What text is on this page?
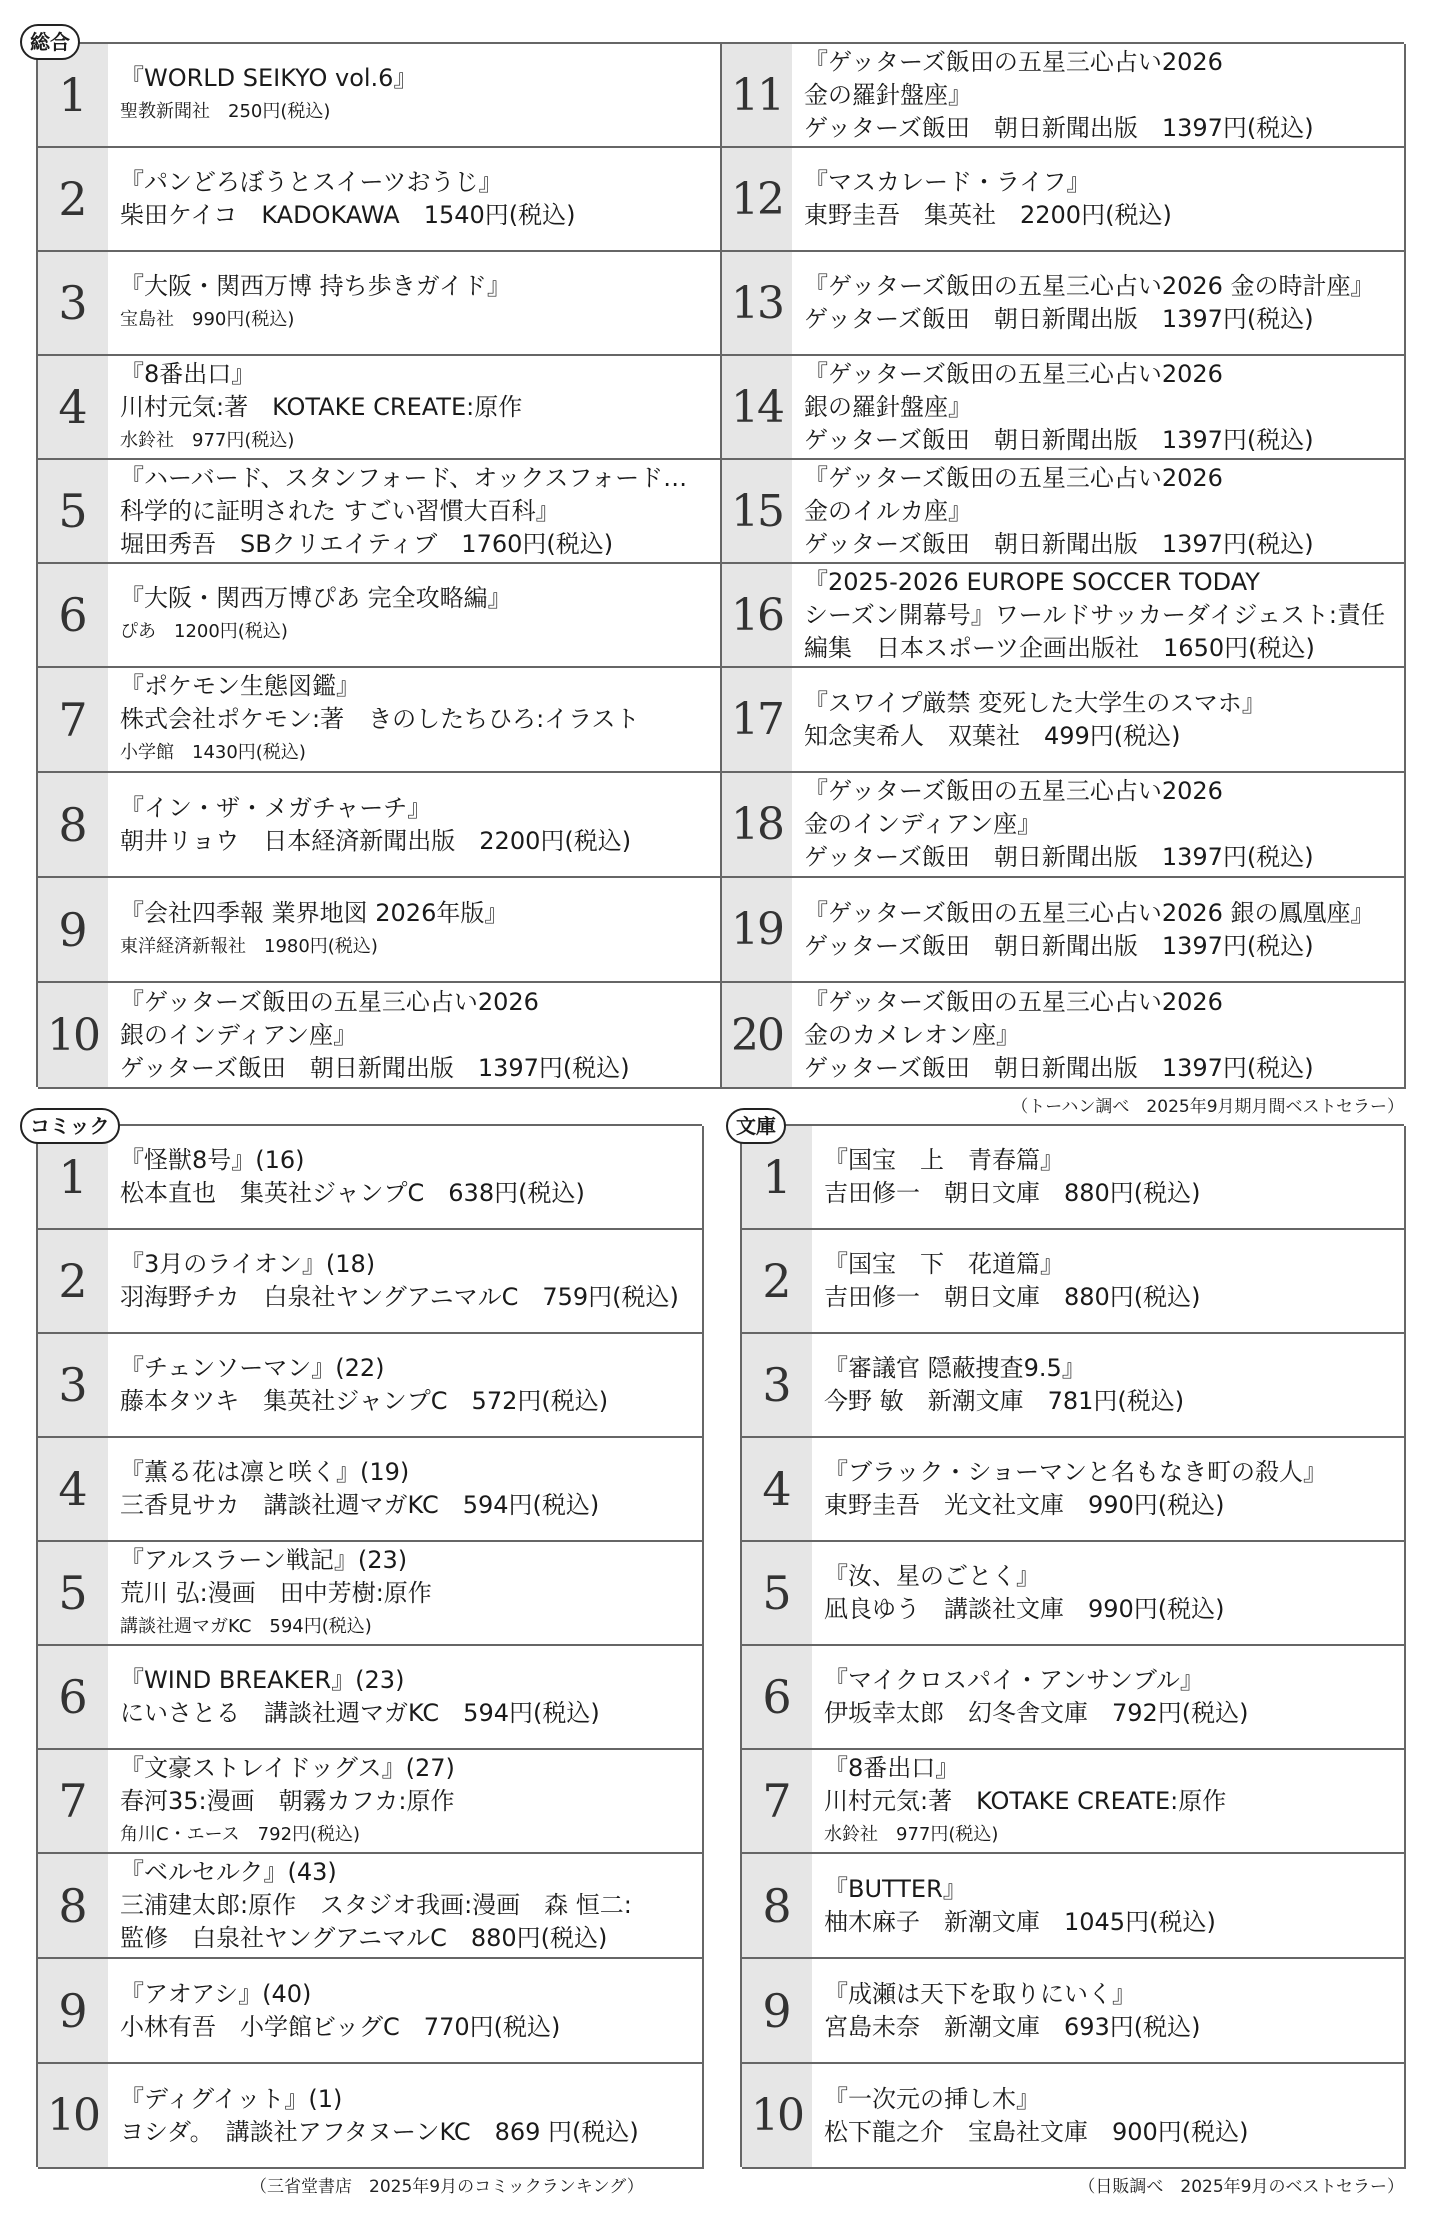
総合
1	『WORLD SEIKYO vol.6』
聖教新聞社　250円(税込)
2	『パンどろぼうとスイーツおうじ』
柴田ケイコ　KADOKAWA　1540円(税込)
3	『大阪・関西万博 持ち歩きガイド』
宝島社　990円(税込)
4
『8番出口』
川村元気:著　KOTAKE CREATE:原作
水鈴社　977円(税込)
5
『ハーバード、スタンフォード、オックスフォード…
科学的に証明された すごい習慣大百科』
堀田秀吾　SBクリエイティブ　1760円(税込)
6	『大阪・関西万博ぴあ 完全攻略編』
ぴあ　1200円(税込)
7
『ポケモン生態図鑑』
株式会社ポケモン:著　きのしたちひろ:イラスト
小学館　1430円(税込)
8	『イン・ザ・メガチャーチ』
朝井リョウ　日本経済新聞出版　2200円(税込)
9	『会社四季報 業界地図 2026年版』
東洋経済新報社　1980円(税込)
10
『ゲッターズ飯田の五星三心占い2026
銀のインディアン座』
ゲッターズ飯田　朝日新聞出版　1397円(税込)
11
『ゲッターズ飯田の五星三心占い2026
金の羅針盤座』
ゲッターズ飯田　朝日新聞出版　1397円(税込)
12 『マスカレード・ライフ』
東野圭吾　集英社　2200円(税込)
13 『ゲッターズ飯田の五星三心占い2026 金の時計座』
ゲッターズ飯田　朝日新聞出版　1397円(税込)
14
『ゲッターズ飯田の五星三心占い2026
銀の羅針盤座』
ゲッターズ飯田　朝日新聞出版　1397円(税込)
15
『ゲッターズ飯田の五星三心占い2026
金のイルカ座』
ゲッターズ飯田　朝日新聞出版　1397円(税込)
16
『2025-2026 EUROPE SOCCER TODAY
シーズン開幕号』ワールドサッカーダイジェスト:責任
編集　日本スポーツ企画出版社　1650円(税込)
17 『スワイプ厳禁 変死した大学生のスマホ』
知念実希人　双葉社　499円(税込)
18
『ゲッターズ飯田の五星三心占い2026
金のインディアン座』
ゲッターズ飯田　朝日新聞出版　1397円(税込)
19 『ゲッターズ飯田の五星三心占い2026 銀の鳳凰座』
ゲッターズ飯田　朝日新聞出版　1397円(税込)
20
『ゲッターズ飯田の五星三心占い2026
金のカメレオン座』
ゲッターズ飯田　朝日新聞出版　1397円(税込)
（トーハン調べ　2025年9月期月間ベストセラー）
コミック
1	『怪獣8号』(16)
松本直也　集英社ジャンプC　638円(税込)
2	『3月のライオン』(18)
羽海野チカ　白泉社ヤングアニマルC　759円(税込)
3	『チェンソーマン』(22)
藤本タツキ　集英社ジャンプC　572円(税込)
4	『薫る花は凛と咲く』(19)
三香見サカ　講談社週マガKC　594円(税込)
5
『アルスラーン戦記』(23)
荒川 弘:漫画　田中芳樹:原作
講談社週マガKC　594円(税込)
6	『WIND BREAKER』(23)
にいさとる　講談社週マガKC　594円(税込)
7
『文豪ストレイドッグス』(27)
春河35:漫画　朝霧カフカ:原作
角川C・エース　792円(税込)
8
『ベルセルク』(43)
三浦建太郎:原作　スタジオ我画:漫画　森 恒二:
監修　白泉社ヤングアニマルC　880円(税込)
9	『アオアシ』(40)
小林有吾　小学館ビッグC　770円(税込)
10 『ディグイット』(1)
ヨシダ。　講談社アフタヌーンKC　869 円(税込)
（三省堂書店　2025年9月のコミックランキング）
文庫
1	『国宝　上　青春篇』
吉田修一　朝日文庫　880円(税込)
2	『国宝　下　花道篇』
吉田修一　朝日文庫　880円(税込)
3	『審議官 隠蔽捜査9.5』
今野 敏　新潮文庫　781円(税込)
4	『ブラック・ショーマンと名もなき町の殺人』
東野圭吾　光文社文庫　990円(税込)
5	『汝、星のごとく』
凪良ゆう　講談社文庫　990円(税込)
6	『マイクロスパイ・アンサンブル』
伊坂幸太郎　幻冬舎文庫　792円(税込)
7
『8番出口』
川村元気:著　KOTAKE CREATE:原作
水鈴社　977円(税込)
8	『BUTTER』
柚木麻子　新潮文庫　1045円(税込)
9	『成瀬は天下を取りにいく』
宮島未奈　新潮文庫　693円(税込)
10 『一次元の挿し木』
松下龍之介　宝島社文庫　900円(税込)
（日販調べ　2025年9月のベストセラー）
